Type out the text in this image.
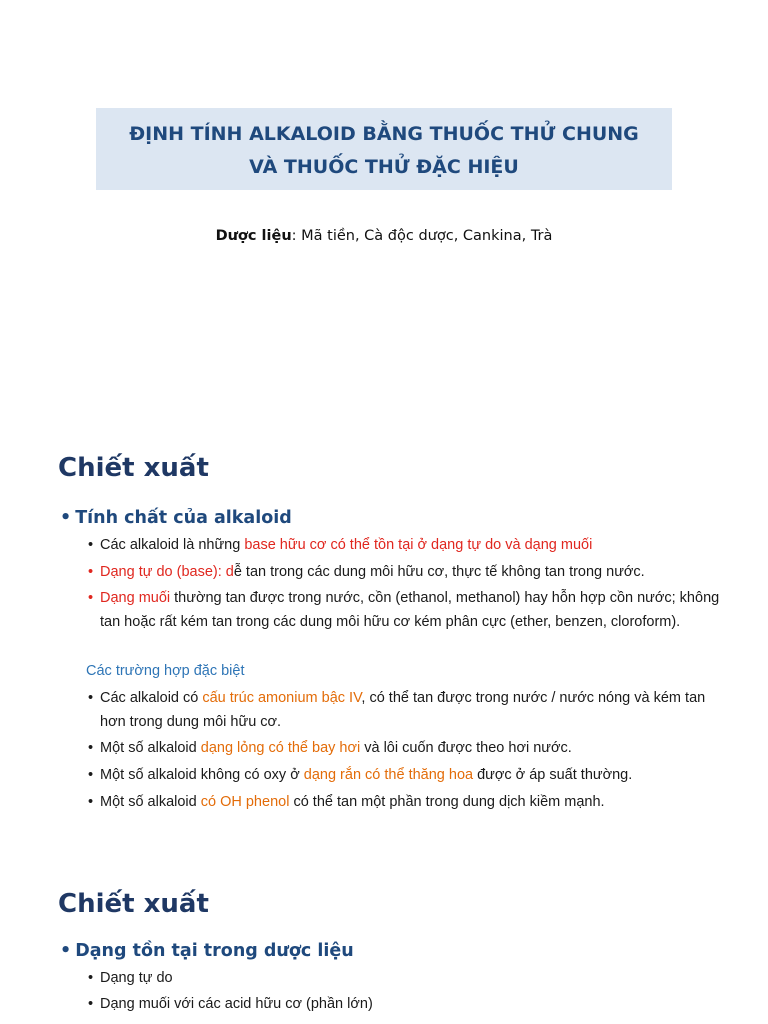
ĐỊNH TÍNH ALKALOID BẰNG THUỐC THỬ CHUNG
VÀ THUỐC THỬ ĐẶC HIỆU
Dược liệu: Mã tiền, Cà độc dược, Cankina, Trà
Chiết xuất
• Tính chất của alkaloid
• Các alkaloid là những base hữu cơ có thể tồn tại ở dạng tự do và dạng muối
• Dạng tự do (base): dễ tan trong các dung môi hữu cơ, thực tế không tan trong nước.
• Dạng muối thường tan được trong nước, cồn (ethanol, methanol) hay hỗn hợp cồn nước; không tan hoặc rất kém tan trong các dung môi hữu cơ kém phân cực (ether, benzen, cloroform).
Các trường hợp đặc biệt
• Các alkaloid có cấu trúc amonium bậc IV, có thể tan được trong nước / nước nóng và kém tan hơn trong dung môi hữu cơ.
• Một số alkaloid dạng lỏng có thể bay hơi và lôi cuốn được theo hơi nước.
• Một số alkaloid không có oxy ở dạng rắn có thể thăng hoa được ở áp suất thường.
• Một số alkaloid có OH phenol có thể tan một phần trong dung dịch kiềm mạnh.
Chiết xuất
• Dạng tồn tại trong dược liệu
• Dạng tự do
• Dạng muối với các acid hữu cơ (phần lớn)
